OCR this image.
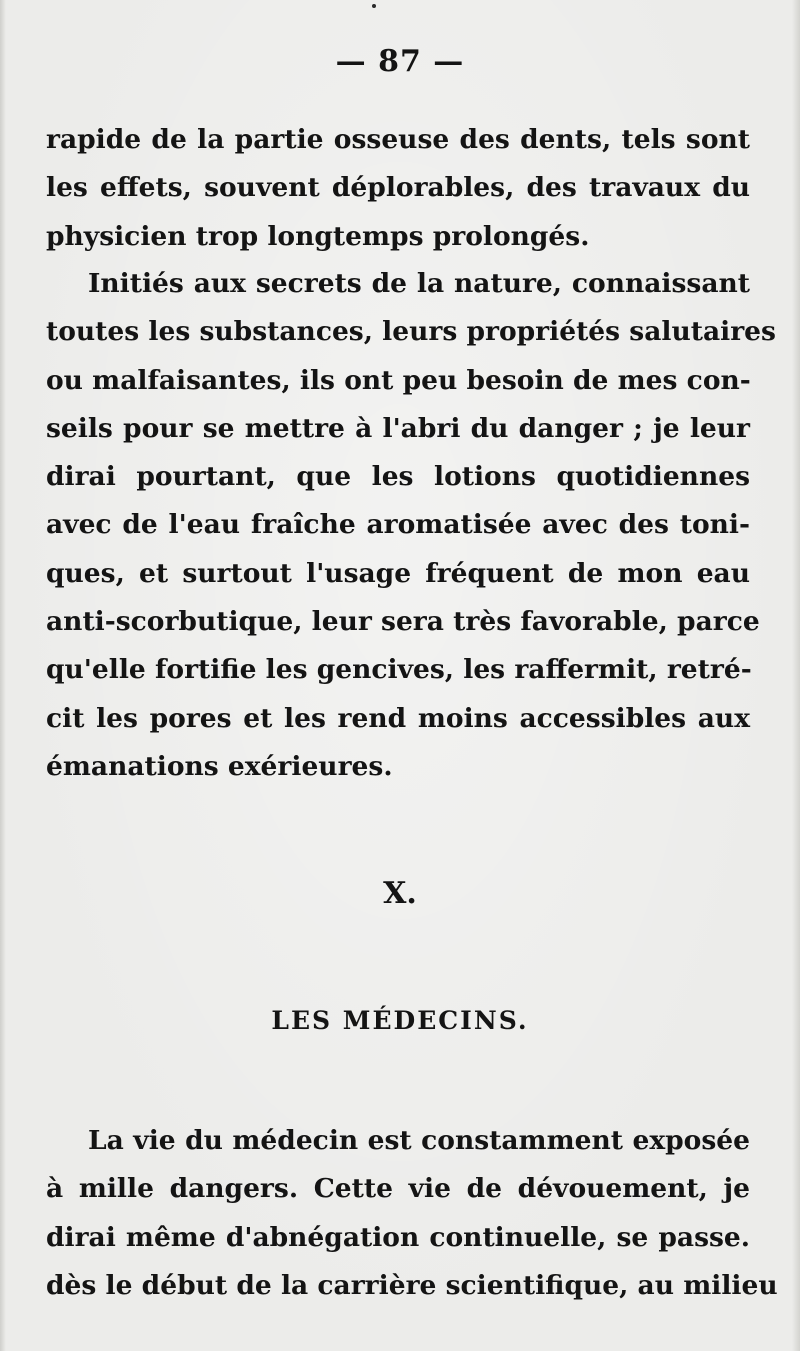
— 87 —
rapide de la partie osseuse des dents, tels sont
les effets, souvent déplorables, des travaux du
physicien trop longtemps prolongés.
Initiés aux secrets de la nature, connaissant
toutes les substances, leurs propriétés salutaires
ou malfaisantes, ils ont peu besoin de mes con-
seils pour se mettre à l'abri du danger ; je leur
dirai pourtant, que les lotions quotidiennes
avec de l'eau fraîche aromatisée avec des toni-
ques, et surtout l'usage fréquent de mon eau
anti-scorbutique, leur sera très favorable, parce
qu'elle fortifie les gencives, les raffermit, retré-
cit les pores et les rend moins accessibles aux
émanations exérieures.
X.
LES MÉDECINS.
La vie du médecin est constamment exposée
à mille dangers. Cette vie de dévouement, je
dirai même d'abnégation continuelle, se passe.
dès le début de la carrière scientifique, au milieu
